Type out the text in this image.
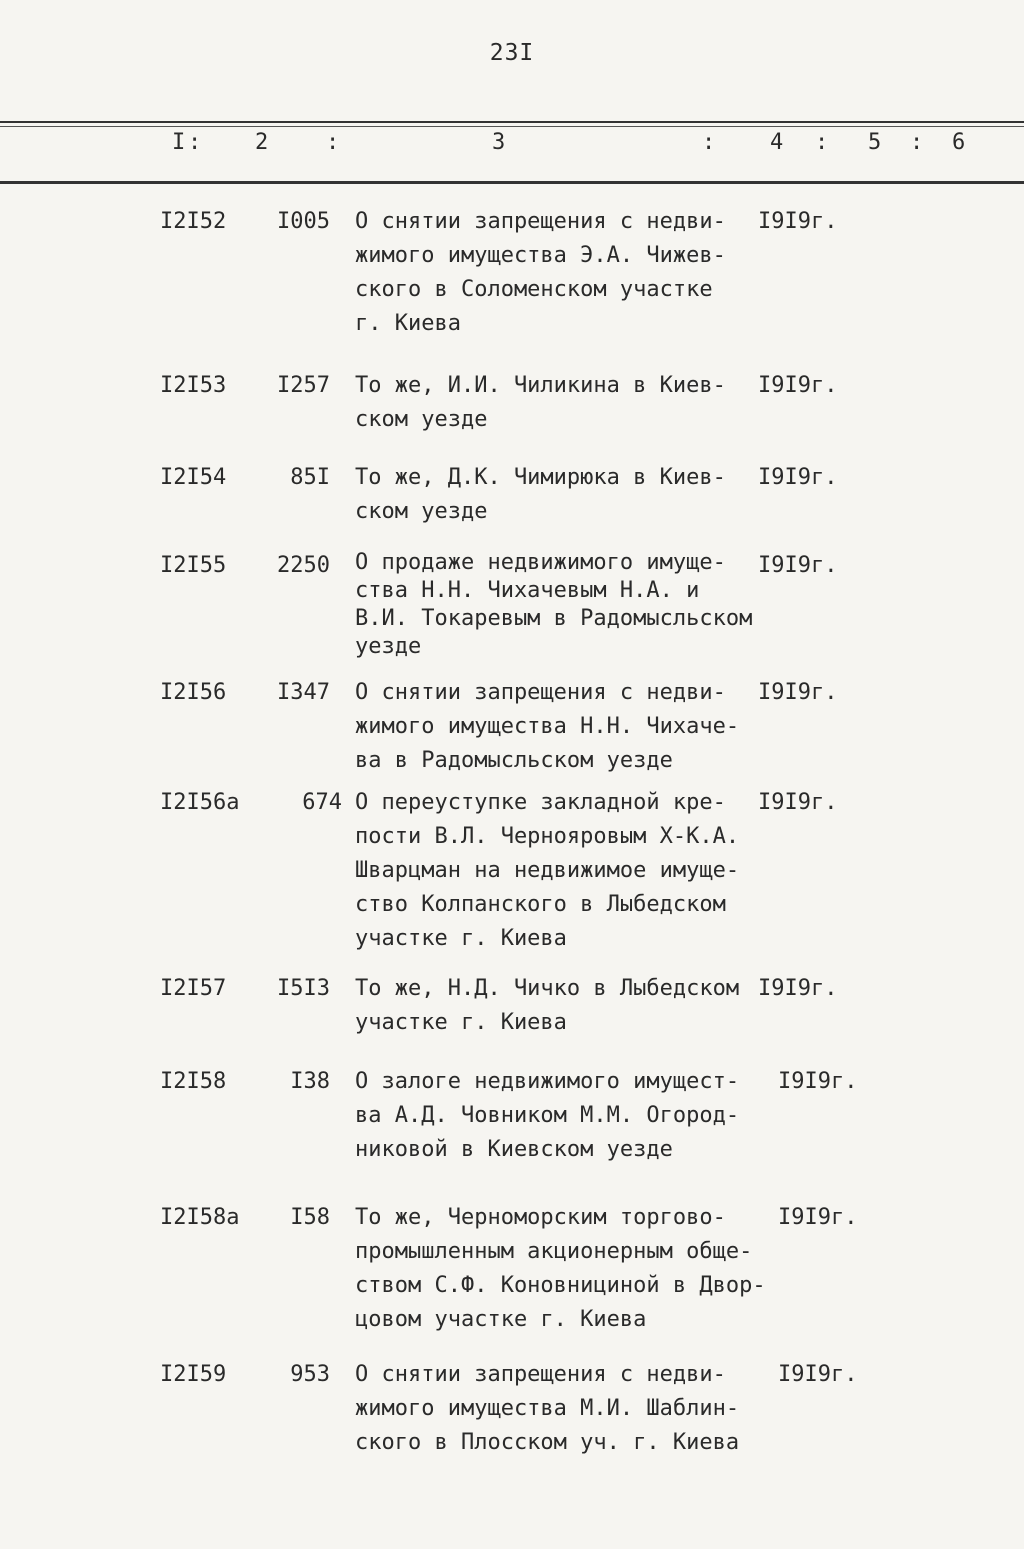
23I
I : 2	:	3	: 4 : 5 : 6
I2I52	I005 О снятии запрещения с недви-
жимого имущества Э.А. Чижев-
ского в Соломенском участке
г. Киева
I9I9г.
I2I53	I257 То же, И.И. Чиликина в Киев-
ском уезде
I9I9г.
I2I54	85I То же, Д.К. Чимирюка в Киев-
ском уезде
I9I9г.
I2I55	2250 О продаже недвижимого имуще-
ства Н.Н. Чихачевым Н.А. и
В.И. Токаревым в Радомысльском
уезде
I9I9г.
I2I56	I347 О снятии запрещения с недви-
жимого имущества Н.Н. Чихаче-
ва в Радомысльском уезде
I9I9г.
I2I56а	674 О переуступке закладной кре-
пости В.Л. Чернояровым Х-К.А.
Шварцман на недвижимое имуще-
ство Колпанского в Лыбедском
участке г. Киева
I9I9г.
I2I57	I5I3 То же, Н.Д. Чичко в Лыбедском
участке г. Киева
I9I9г.
I2I58	I38 О залоге недвижимого имущест-
ва А.Д. Човником М.М. Огород-
никовой в Киевском уезде
I9I9г.
I2I58а	I58 То же, Черноморским торгово-
промышленным акционерным обще-
ством С.Ф. Коновнициной в Двор-
цовом участке г. Киева
I9I9г.
I2I59	953 О снятии запрещения с недви-
жимого имущества М.И. Шаблин-
ского в Плосском уч. г. Киева
I9I9г.
